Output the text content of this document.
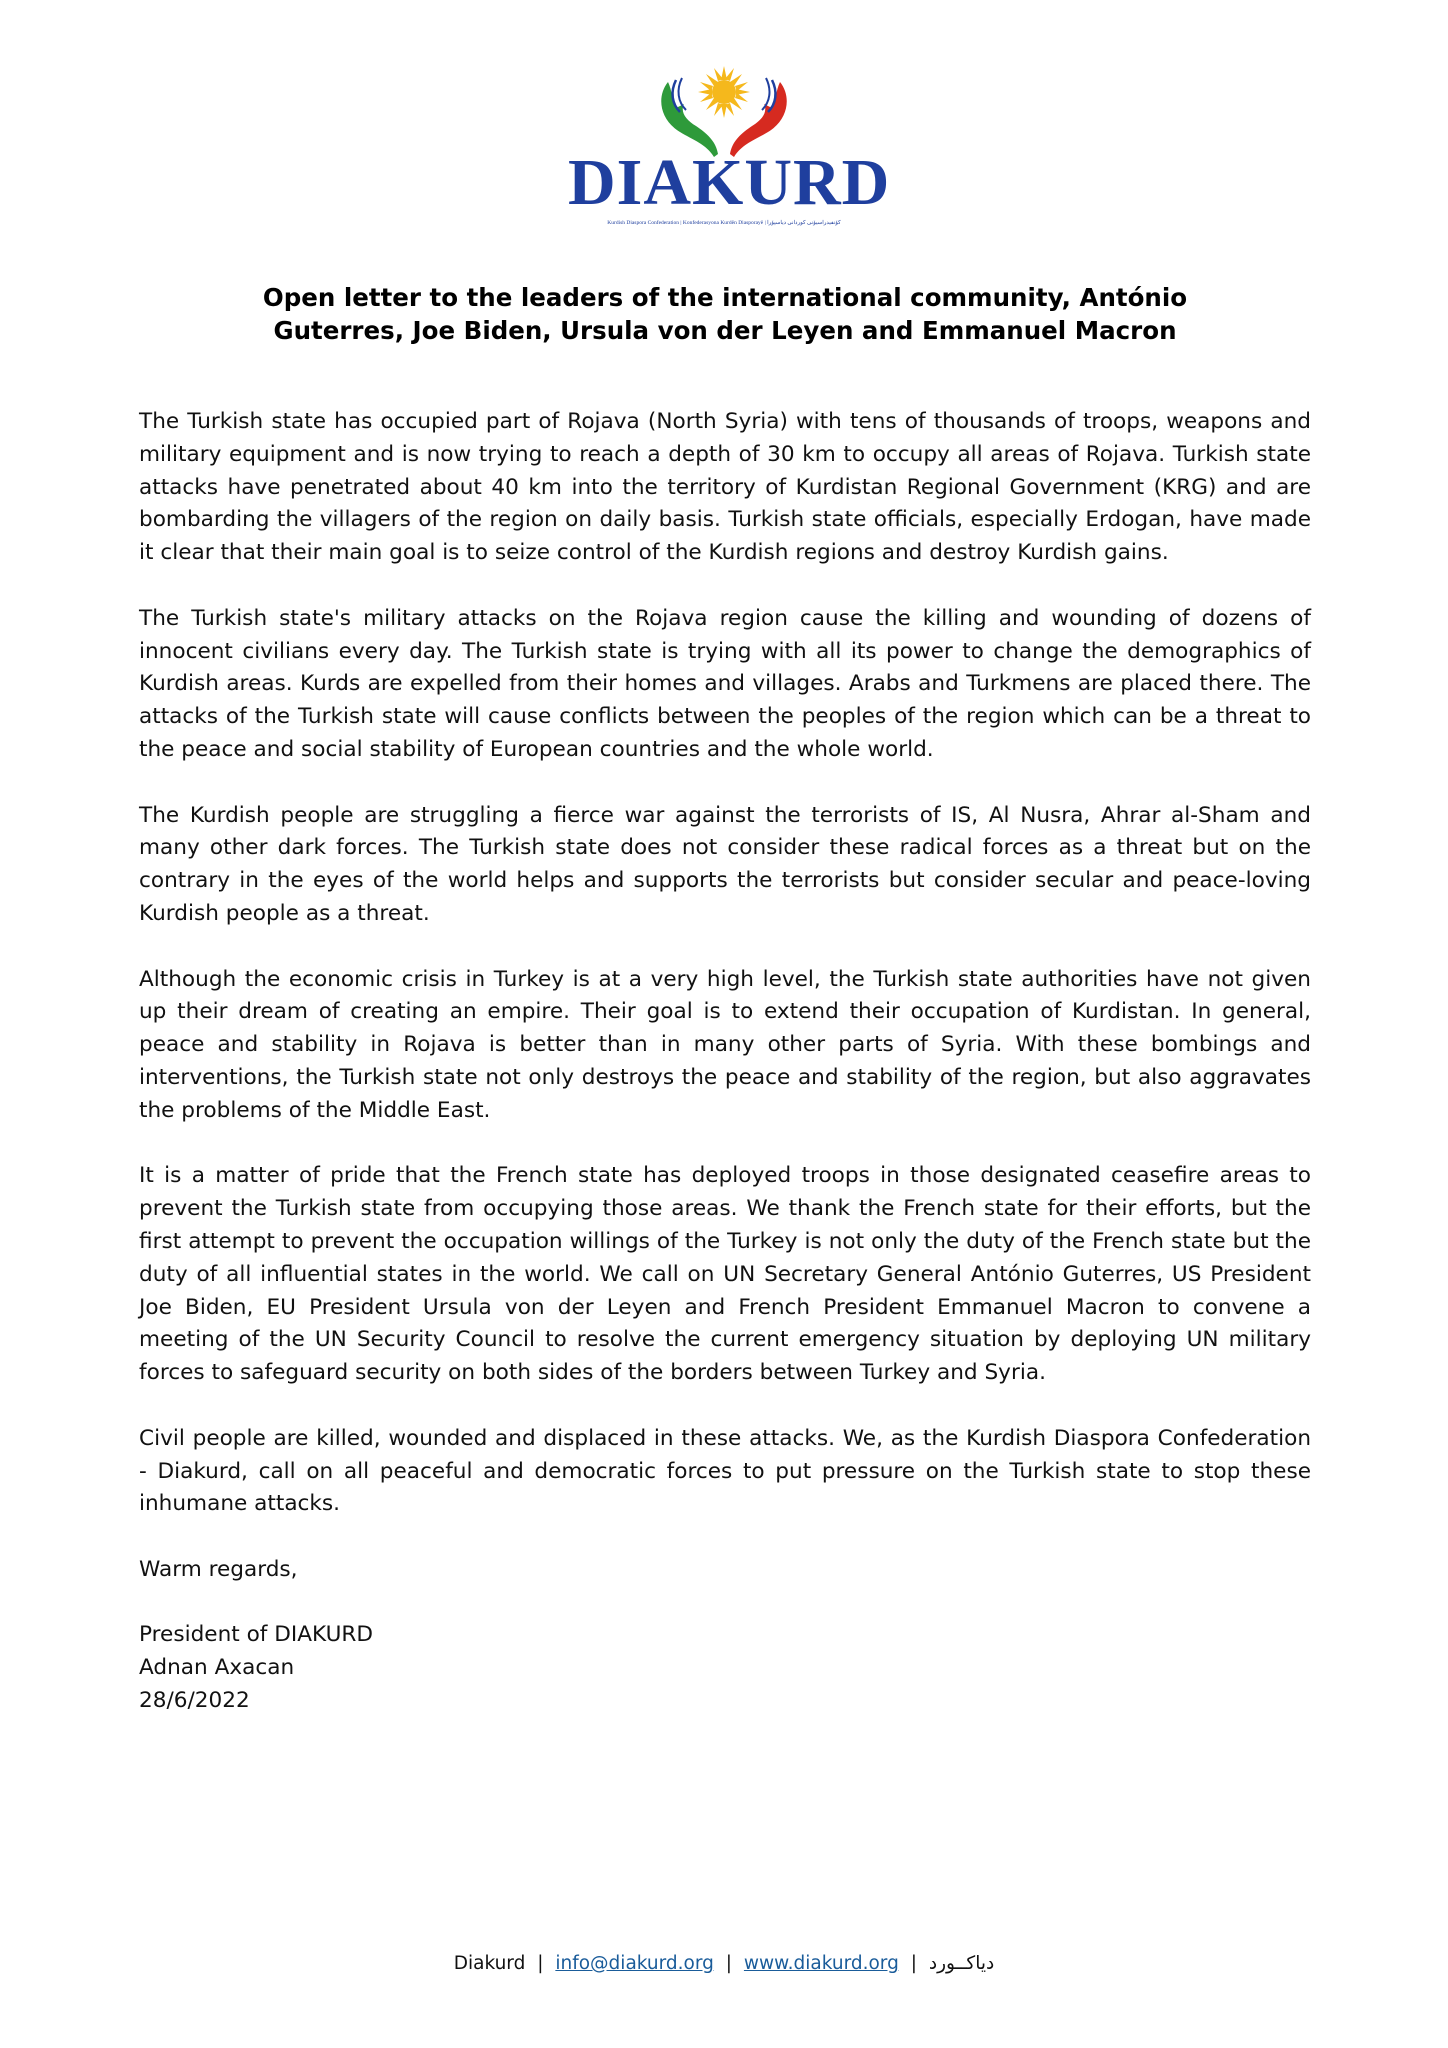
DIAKURD
Kurdish Diaspora Confederation | Konfederasyona Kurdên Diasporayê | کۆنفیدراسیۆنی کوردانی دیاسپۆرا
Open letter to the leaders of the international community, António
Guterres, Joe Biden, Ursula von der Leyen and Emmanuel Macron

The Turkish state has occupied part of Rojava (North Syria) with tens of thousands of troops, weapons and military equipment and is now trying to reach a depth of 30 km to occupy all areas of Rojava. Turkish state attacks have penetrated about 40 km into the territory of Kurdistan Regional Government (KRG) and are bombarding the villagers of the region on daily basis. Turkish state officials, especially Erdogan, have made it clear that their main goal is to seize control of the Kurdish regions and destroy Kurdish gains.

The Turkish state's military attacks on the Rojava region cause the killing and wounding of dozens of innocent civilians every day. The Turkish state is trying with all its power to change the demographics of Kurdish areas. Kurds are expelled from their homes and villages. Arabs and Turkmens are placed there. The attacks of the Turkish state will cause conflicts between the peoples of the region which can be a threat to the peace and social stability of European countries and the whole world.

The Kurdish people are struggling a fierce war against the terrorists of IS, Al Nusra, Ahrar al-Sham and many other dark forces. The Turkish state does not consider these radical forces as a threat but on the contrary in the eyes of the world helps and supports the terrorists but consider secular and peace-loving Kurdish people as a threat.

Although the economic crisis in Turkey is at a very high level, the Turkish state authorities have not given up their dream of creating an empire. Their goal is to extend their occupation of Kurdistan. In general, peace and stability in Rojava is better than in many other parts of Syria. With these bombings and interventions, the Turkish state not only destroys the peace and stability of the region, but also aggravates the problems of the Middle East.

It is a matter of pride that the French state has deployed troops in those designated ceasefire areas to prevent the Turkish state from occupying those areas. We thank the French state for their efforts, but the first attempt to prevent the occupation willings of the Turkey is not only the duty of the French state but the duty of all influential states in the world. We call on UN Secretary General António Guterres, US President Joe Biden, EU President Ursula von der Leyen and French President Emmanuel Macron to convene a meeting of the UN Security Council to resolve the current emergency situation by deploying UN military forces to safeguard security on both sides of the borders between Turkey and Syria.

Civil people are killed, wounded and displaced in these attacks. We, as the Kurdish Diaspora Confederation - Diakurd, call on all peaceful and democratic forces to put pressure on the Turkish state to stop these inhumane attacks.

Warm regards,

President of DIAKURD
Adnan Axacan
28/6/2022
Diakurd | info@diakurd.org | www.diakurd.org | دیاکــورد
